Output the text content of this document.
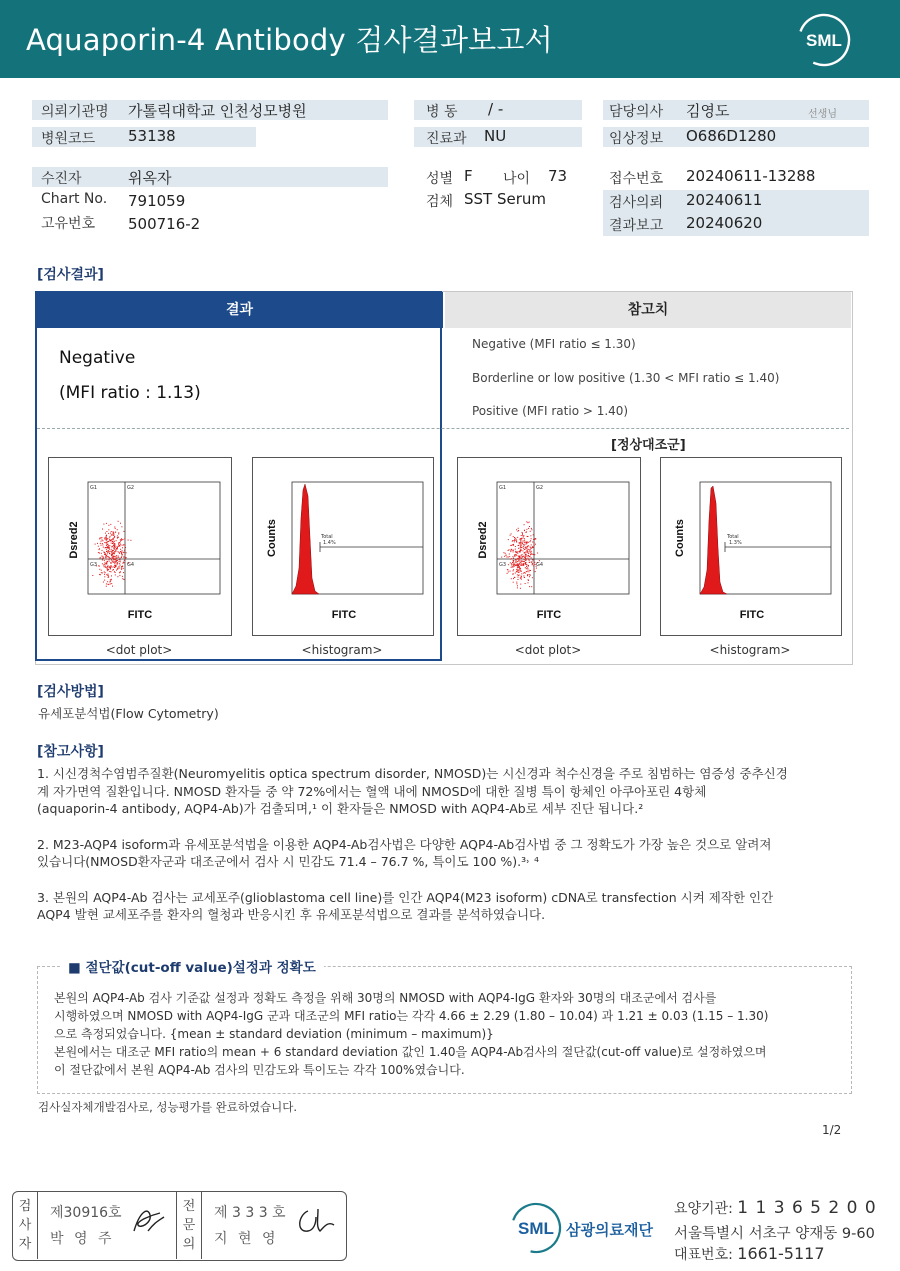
Aquaporin-4 Antibody 검사결과보고서	SML
의뢰기관명 가톨릭대학교 인천성모병원
병원코드 53138
병 동 / -
진료과 NU
담당의사 김영도	선생님
임상정보 O686D1280
수진자	위옥자
Chart No. 791059
고유번호 500716-2
성별 F 나이 73
검체 SST Serum
접수번호 20240611-13288
검사의뢰 20240611
결과보고 20240620
[검사결과]
결과	참고치
Negative
(MFI ratio : 1.13)
Negative (MFI ratio ≤ 1.30)
Borderline or low positive (1.30 < MFI ratio ≤ 1.40)
Positive (MFI ratio > 1.40)
[정상대조군]
G1	G2
G3	G4
Dsred2
FITC
Total
1.4%
Counts
FITC
G1	G2
G3	G4
Dsred2
FITC
Total
1.3%
Counts
FITC
<dot plot>	<histogram>	<dot plot>	<histogram>
[검사방법]
유세포분석법(Flow Cytometry)
[참고사항]
1. 시신경척수염범주질환(Neuromyelitis optica spectrum disorder, NMOSD)는 시신경과 척수신경을 주로 침범하는 염증성 중추신경
계 자가면역 질환입니다. NMOSD 환자들 중 약 72%에서는 혈액 내에 NMOSD에 대한 질병 특이 항체인 아쿠아포린 4항체
(aquaporin-4 antibody, AQP4-Ab)가 검출되며,¹ 이 환자들은 NMOSD with AQP4-Ab로 세부 진단 됩니다.²
2. M23-AQP4 isoform과 유세포분석법을 이용한 AQP4-Ab검사법은 다양한 AQP4-Ab검사법 중 그 정확도가 가장 높은 것으로 알려져
있습니다(NMOSD환자군과 대조군에서 검사 시 민감도 71.4 – 76.7 %, 특이도 100 %).³˒ ⁴
3. 본원의 AQP4-Ab 검사는 교세포주(glioblastoma cell line)를 인간 AQP4(M23 isoform) cDNA로 transfection 시켜 제작한 인간
AQP4 발현 교세포주를 환자의 혈청과 반응시킨 후 유세포분석법으로 결과를 분석하였습니다.
■ 절단값(cut-off value)설정과 정확도
본원의 AQP4-Ab 검사 기준값 설정과 정확도 측정을 위해 30명의 NMOSD with AQP4-IgG 환자와 30명의 대조군에서 검사를
시행하였으며 NMOSD with AQP4-IgG 군과 대조군의 MFI ratio는 각각 4.66 ± 2.29 (1.80 – 10.04) 과 1.21 ± 0.03 (1.15 – 1.30)
으로 측정되었습니다. {mean ± standard deviation (minimum – maximum)}
본원에서는 대조군 MFI ratio의 mean + 6 standard deviation 값인 1.40을 AQP4-Ab검사의 절단값(cut-off value)로 설정하였으며
이 절단값에서 본원 AQP4-Ab 검사의 민감도와 특이도는 각각 100%였습니다.
검사실자체개발검사로, 성능평가를 완료하였습니다.
1/2
검사자
전문의
제30916호
박 영 주
제 3 3 3 호
지 현 영
SML 삼광의료재단
요양기관: 1 1 3 6 5 2 0 0
서울특별시 서초구 양재동 9-60
대표번호: 1661-5117
